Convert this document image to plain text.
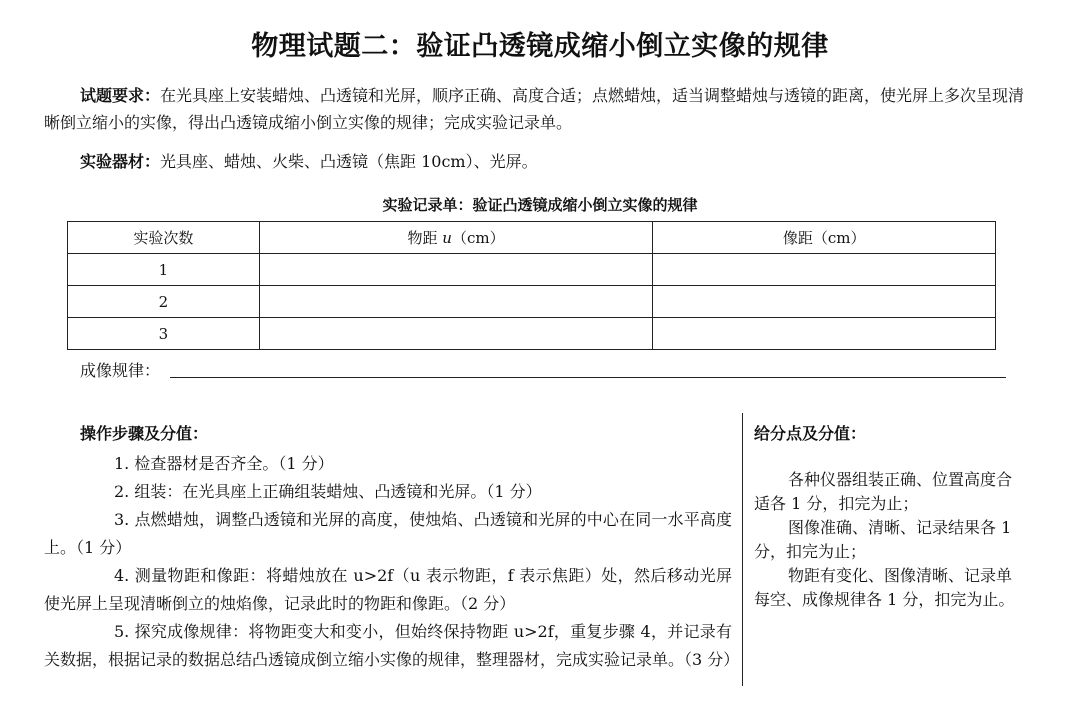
物理试题二：验证凸透镜成缩小倒立实像的规律
试题要求：在光具座上安装蜡烛、凸透镜和光屏，顺序正确、高度合适；点燃蜡烛，适当调整蜡烛与透镜的距离，使光屏上多次呈现清晰倒立缩小的实像，得出凸透镜成缩小倒立实像的规律；完成实验记录单。
实验器材：光具座、蜡烛、火柴、凸透镜（焦距 10cm）、光屏。
实验记录单：验证凸透镜成缩小倒立实像的规律
实验次数	物距 u（cm）	像距（cm）
1		
2		
3		
成像规律：
操作步骤及分值：

1. 检查器材是否齐全。（1 分）

2. 组装：在光具座上正确组装蜡烛、凸透镜和光屏。（1 分）

3. 点燃蜡烛，调整凸透镜和光屏的高度，使烛焰、凸透镜和光屏的中心在同一水平高度上。（1 分）

4. 测量物距和像距：将蜡烛放在 u>2f（u 表示物距，f 表示焦距）处，然后移动光屏使光屏上呈现清晰倒立的烛焰像，记录此时的物距和像距。（2 分）

5. 探究成像规律：将物距变大和变小，但始终保持物距 u>2f，重复步骤 4，并记录有关数据，根据记录的数据总结凸透镜成倒立缩小实像的规律，整理器材，完成实验记录单。（3 分）

给分点及分值：

各种仪器组装正确、位置高度合适各 1 分，扣完为止；

图像准确、清晰、记录结果各 1 分，扣完为止；

物距有变化、图像清晰、记录单每空、成像规律各 1 分，扣完为止。
